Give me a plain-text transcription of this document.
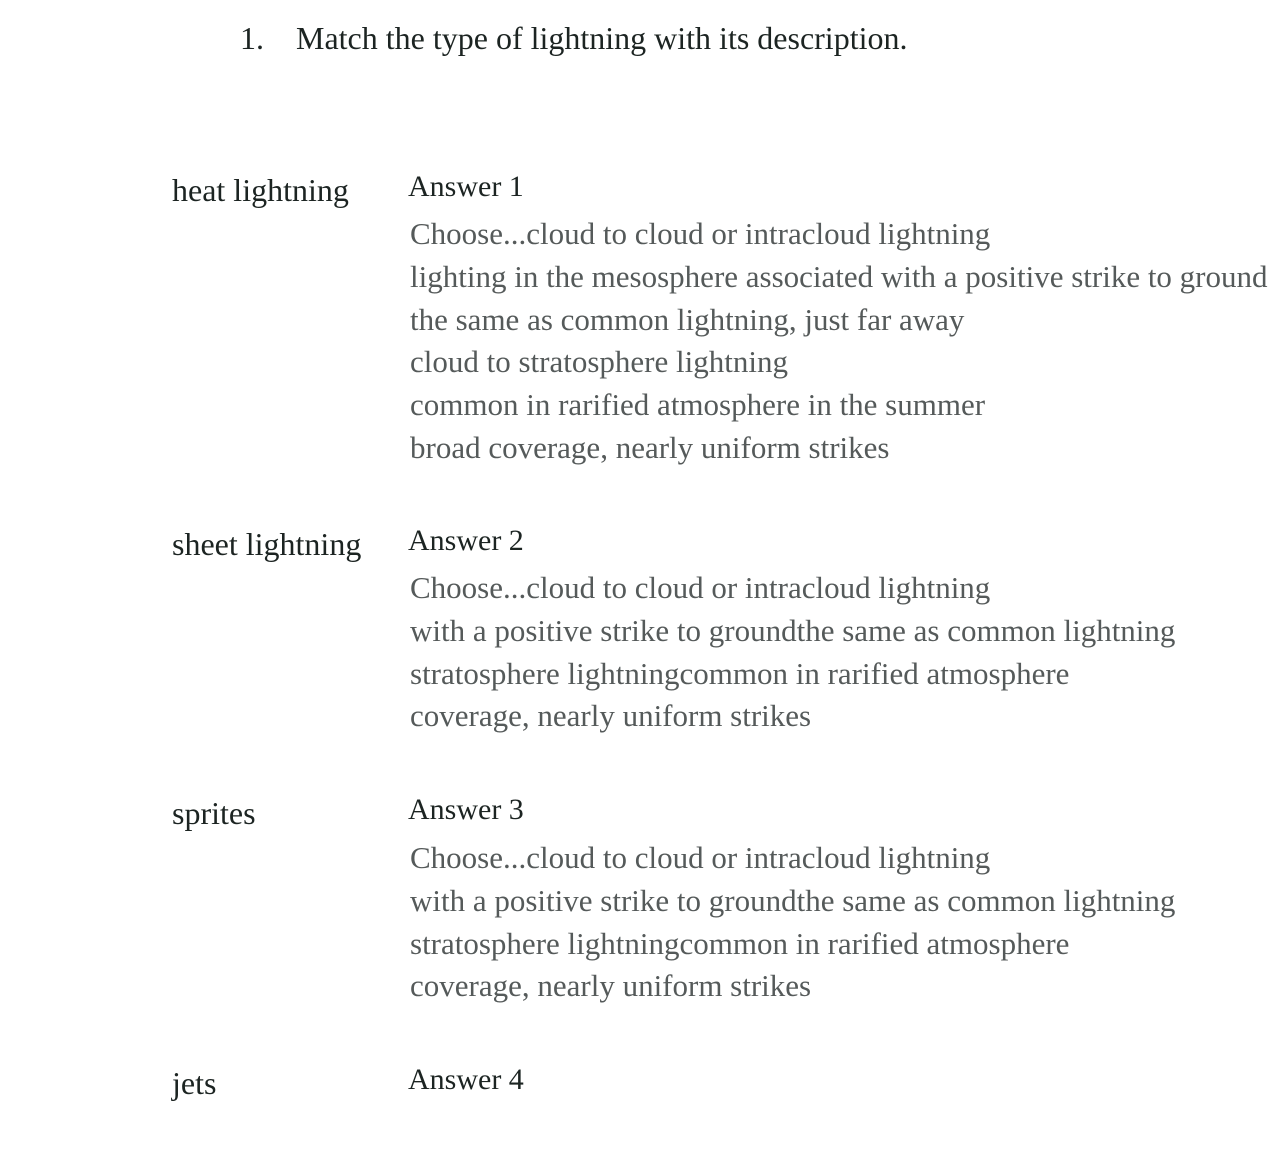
1. Match the type of lightning with its description.
heat lightning Answer 1
Choose...cloud to cloud or intracloud lightning
lighting in the mesosphere associated with a positive strike to ground
the same as common lightning, just far away
cloud to stratosphere lightning
common in rarified atmosphere in the summer
broad coverage, nearly uniform strikes
sheet lightning Answer 2
Choose...cloud to cloud or intracloud lightning
with a positive strike to groundthe same as common lightning
stratosphere lightningcommon in rarified atmosphere
coverage, nearly uniform strikes
sprites	Answer 3
Choose...cloud to cloud or intracloud lightning
with a positive strike to groundthe same as common lightning
stratosphere lightningcommon in rarified atmosphere
coverage, nearly uniform strikes
jets	Answer 4
